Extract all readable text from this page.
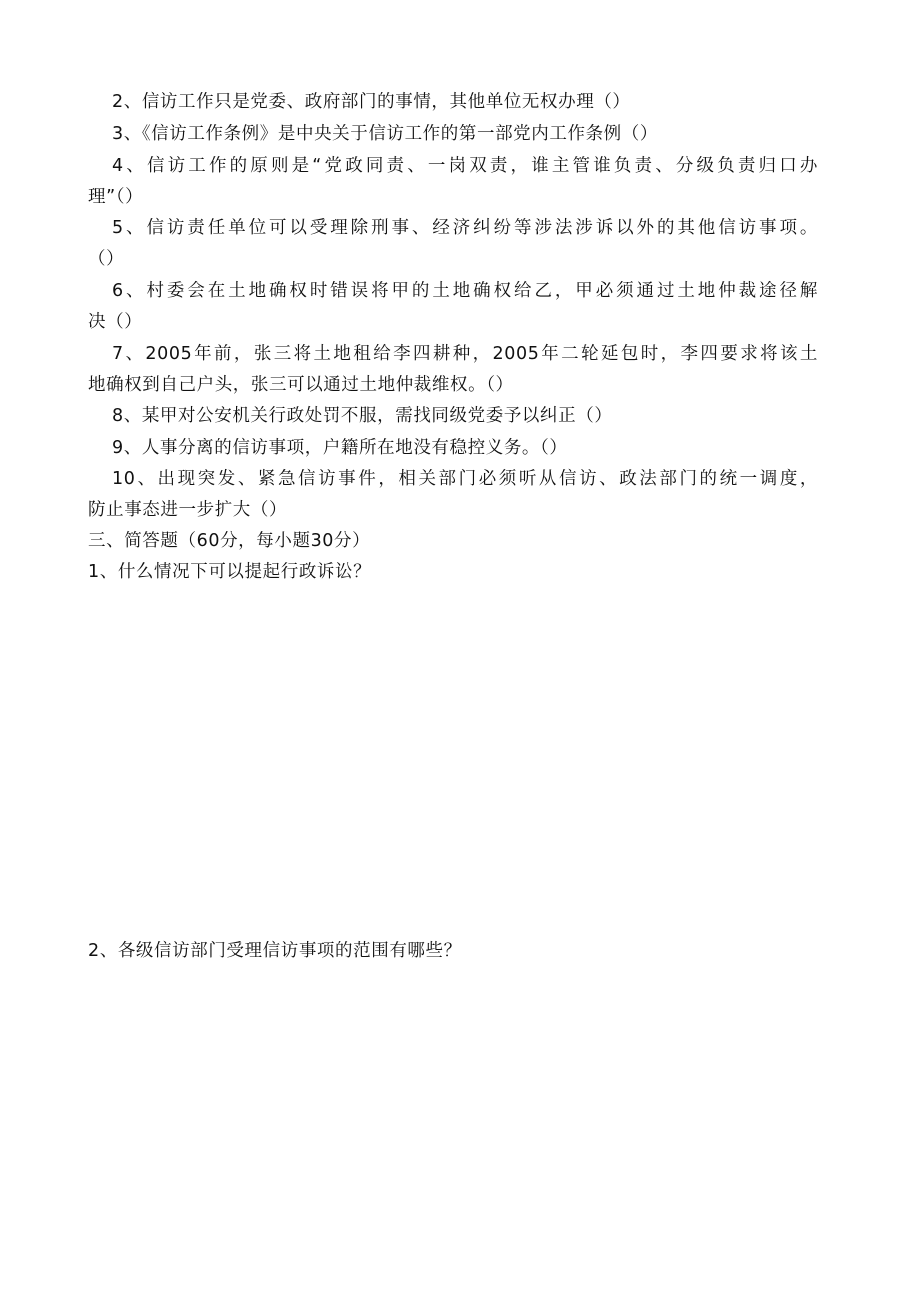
2、信访工作只是党委、政府部门的事情，其他单位无权办理（）
3、《信访工作条例》是中央关于信访工作的第一部党内工作条例（）
4、信访工作的原则是“党政同责、一岗双责，谁主管谁负责、分级负责归口办
理”（）
5、信访责任单位可以受理除刑事、经济纠纷等涉法涉诉以外的其他信访事项。
（）
6、村委会在土地确权时错误将甲的土地确权给乙，甲必须通过土地仲裁途径解
决（）
7、2005年前，张三将土地租给李四耕种，2005年二轮延包时，李四要求将该土
地确权到自己户头，张三可以通过土地仲裁维权。（）
8、某甲对公安机关行政处罚不服，需找同级党委予以纠正（）
9、人事分离的信访事项，户籍所在地没有稳控义务。（）
10、出现突发、紧急信访事件，相关部门必须听从信访、政法部门的统一调度，
防止事态进一步扩大（）
三、简答题（60分，每小题30分）
1、什么情况下可以提起行政诉讼？
2、各级信访部门受理信访事项的范围有哪些？
